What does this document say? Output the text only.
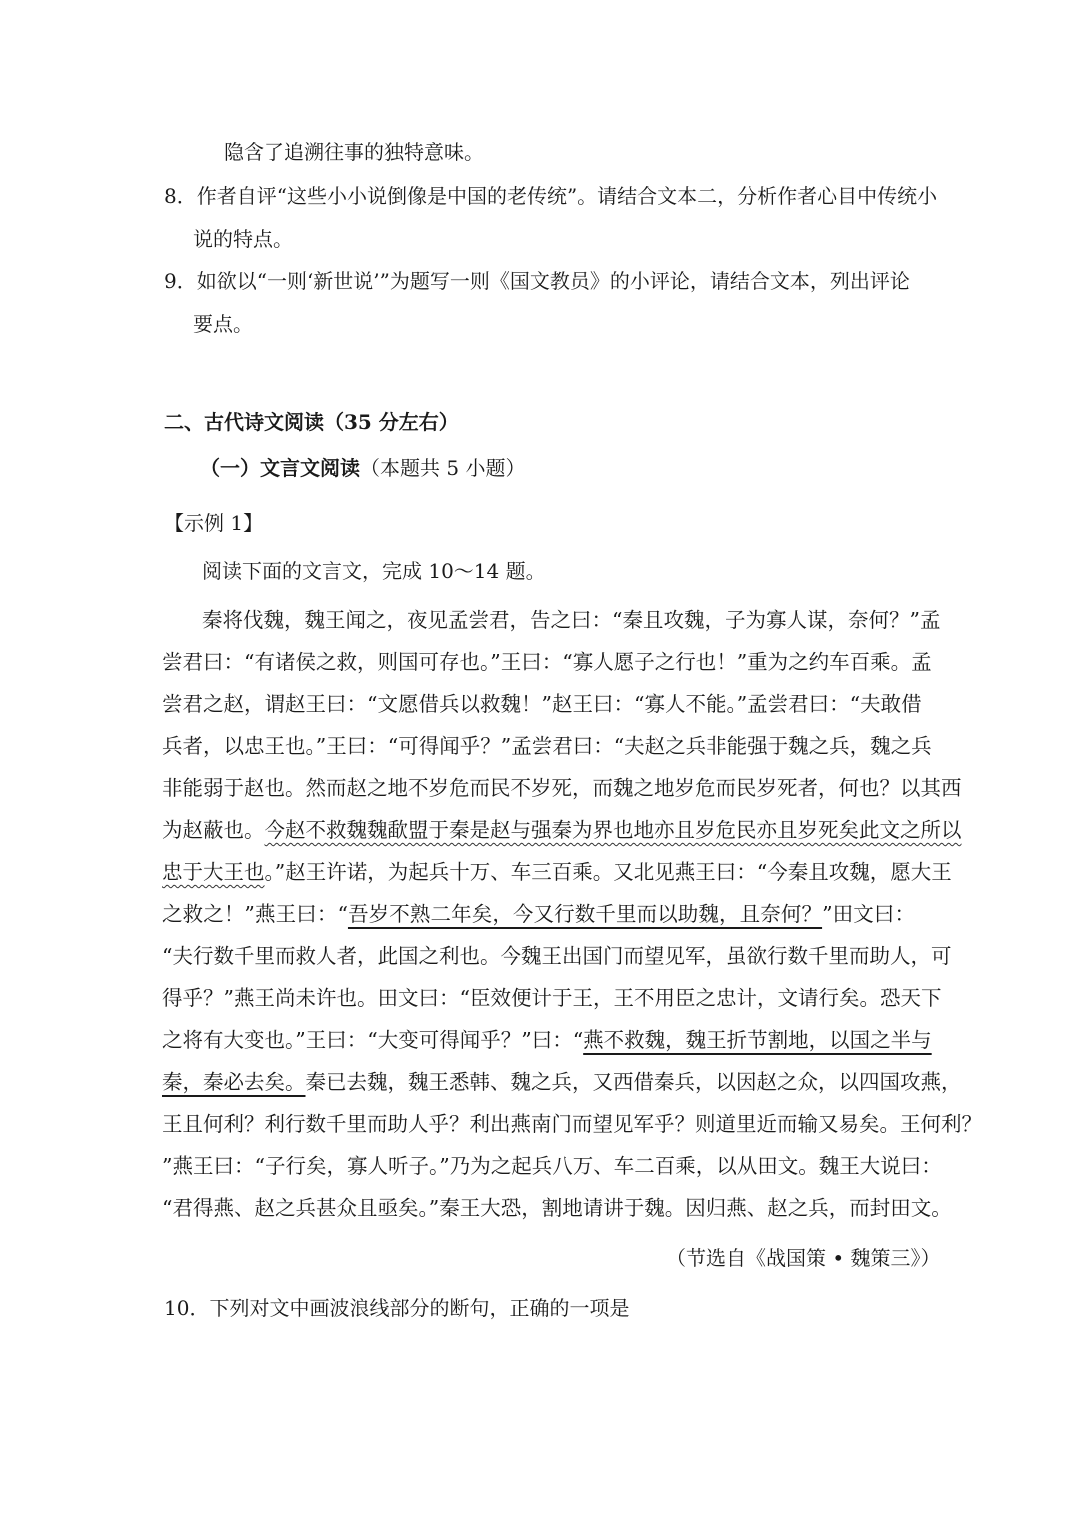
隐含了追溯往事的独特意味。
8．作者自评“这些小小说倒像是中国的老传统”。请结合文本二，分析作者心目中传统小
说的特点。
9．如欲以“一则‘新世说’”为题写一则《国文教员》的小评论，请结合文本，列出评论
要点。
二、古代诗文阅读（35 分左右）
（一）文言文阅读（本题共 5 小题）
【示例 1】
阅读下面的文言文，完成 10～14 题。
秦将伐魏，魏王闻之，夜见孟尝君，告之曰：“秦且攻魏，子为寡人谋，奈何？”孟
尝君曰：“有诸侯之救，则国可存也。”王曰：“寡人愿子之行也！”重为之约车百乘。孟
尝君之赵，谓赵王曰：“文愿借兵以救魏！”赵王曰：“寡人不能。”孟尝君曰：“夫敢借
兵者，以忠王也。”王曰：“可得闻乎？”孟尝君曰：“夫赵之兵非能强于魏之兵，魏之兵
非能弱于赵也。然而赵之地不岁危而民不岁死，而魏之地岁危而民岁死者，何也？以其西
为赵蔽也。今赵不救魏魏歃盟于秦是赵与强秦为界也地亦且岁危民亦且岁死矣此文之所以
忠于大王也。”赵王许诺，为起兵十万、车三百乘。又北见燕王曰：“今秦且攻魏，愿大王
之救之！”燕王曰：“吾岁不熟二年矣，今又行数千里而以助魏，且奈何？”田文曰：
“夫行数千里而救人者，此国之利也。今魏王出国门而望见军，虽欲行数千里而助人，可
得乎？”燕王尚未许也。田文曰：“臣效便计于王，王不用臣之忠计，文请行矣。恐天下
之将有大变也。”王曰：“大变可得闻乎？”曰：“燕不救魏，魏王折节割地，以国之半与
秦，秦必去矣。秦已去魏，魏王悉韩、魏之兵，又西借秦兵，以因赵之众，以四国攻燕，
王且何利？利行数千里而助人乎？利出燕南门而望见军乎？则道里近而输又易矣。王何利？
”燕王曰：“子行矣，寡人听子。”乃为之起兵八万、车二百乘，以从田文。魏王大说曰：
“君得燕、赵之兵甚众且亟矣。”秦王大恐，割地请讲于魏。因归燕、赵之兵，而封田文。
（节选自《战国策 • 魏策三》）
10．下列对文中画波浪线部分的断句，正确的一项是
